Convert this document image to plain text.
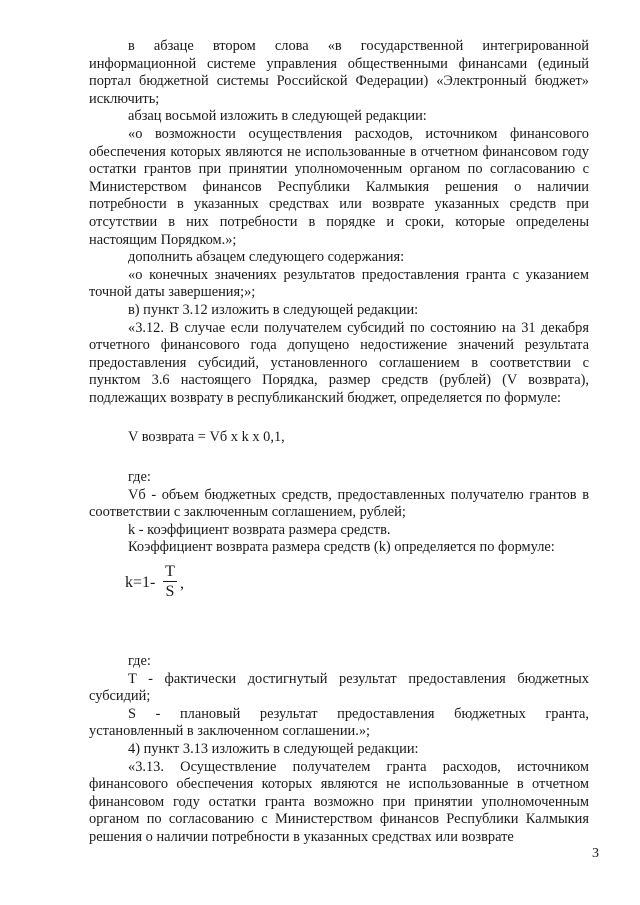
в абзаце втором слова «в государственной интегрированной информационной системе управления общественными финансами (единый портал бюджетной системы Российской Федерации) «Электронный бюджет» исключить;

абзац восьмой изложить в следующей редакции:

«о возможности осуществления расходов, источником финансового обеспечения которых являются не использованные в отчетном финансовом году остатки грантов при принятии уполномоченным органом по согласованию с Министерством финансов Республики Калмыкия решения о наличии потребности в указанных средствах или возврате указанных средств при отсутствии в них потребности в порядке и сроки, которые определены настоящим Порядком.»;

дополнить абзацем следующего содержания:

«о конечных значениях результатов предоставления гранта с указанием точной даты завершения;»;

в) пункт 3.12 изложить в следующей редакции:

«3.12. В случае если получателем субсидий по состоянию на 31 декабря отчетного финансового года допущено недостижение значений результата предоставления субсидий, установленного соглашением в соответствии с пунктом 3.6 настоящего Порядка, размер средств (рублей) (V возврата), подлежащих возврату в республиканский бюджет, определяется по формуле:

V возврата = Vб x k x 0,1,

где:

Vб - объем бюджетных средств, предоставленных получателю грантов в соответствии с заключенным соглашением, рублей;

k - коэффициент возврата размера средств.

Коэффициент возврата размера средств (k) определяется по формуле:

k=1-
T
S ,

где:

T - фактически достигнутый результат предоставления бюджетных субсидий;

S - плановый результат предоставления бюджетных гранта, установленный в заключенном соглашении.»;

4) пункт 3.13 изложить в следующей редакции:

«3.13. Осуществление получателем гранта расходов, источником финансового обеспечения которых являются не использованные в отчетном финансовом году остатки гранта возможно при принятии уполномоченным органом по согласованию с Министерством финансов Республики Калмыкия решения о наличии потребности в указанных средствах или возврате

3
